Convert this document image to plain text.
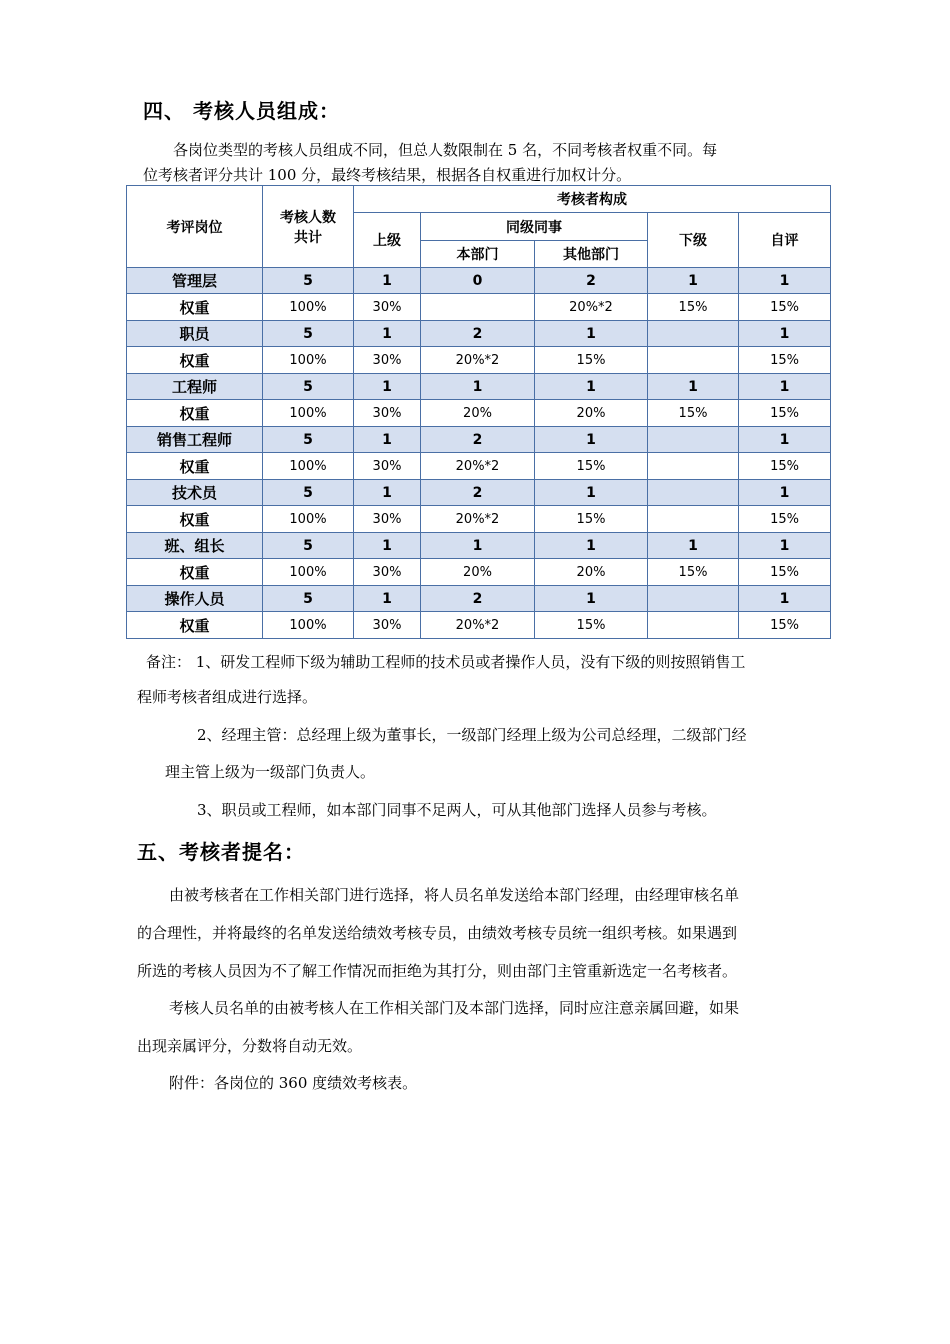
四、 考核人员组成：
各岗位类型的考核人员组成不同，但总人数限制在 5 名，不同考核者权重不同。每
位考核者评分共计 100 分，最终考核结果，根据各自权重进行加权计分。
考评岗位	考核人数
共计	考核者构成				
		上级	同级同事		下级	自评
			本部门	其他部门		
管理层	5	1	0	2	1	1
权重	100%	30%		20%*2	15%	15%
职员	5	1	2	1		1
权重	100%	30%	20%*2	15%		15%
工程师	5	1	1	1	1	1
权重	100%	30%	20%	20%	15%	15%
销售工程师	5	1	2	1		1
权重	100%	30%	20%*2	15%		15%
技术员	5	1	2	1		1
权重	100%	30%	20%*2	15%		15%
班、组长	5	1	1	1	1	1
权重	100%	30%	20%	20%	15%	15%
操作人员	5	1	2	1		1
权重	100%	30%	20%*2	15%		15%
备注： 1、研发工程师下级为辅助工程师的技术员或者操作人员，没有下级的则按照销售工
程师考核者组成进行选择。
2、经理主管：总经理上级为董事长，一级部门经理上级为公司总经理，二级部门经
理主管上级为一级部门负责人。
3、职员或工程师，如本部门同事不足两人，可从其他部门选择人员参与考核。
五、考核者提名：
由被考核者在工作相关部门进行选择，将人员名单发送给本部门经理，由经理审核名单
的合理性，并将最终的名单发送给绩效考核专员，由绩效考核专员统一组织考核。如果遇到
所选的考核人员因为不了解工作情况而拒绝为其打分，则由部门主管重新选定一名考核者。
考核人员名单的由被考核人在工作相关部门及本部门选择，同时应注意亲属回避，如果
出现亲属评分，分数将自动无效。
附件：各岗位的 360 度绩效考核表。
